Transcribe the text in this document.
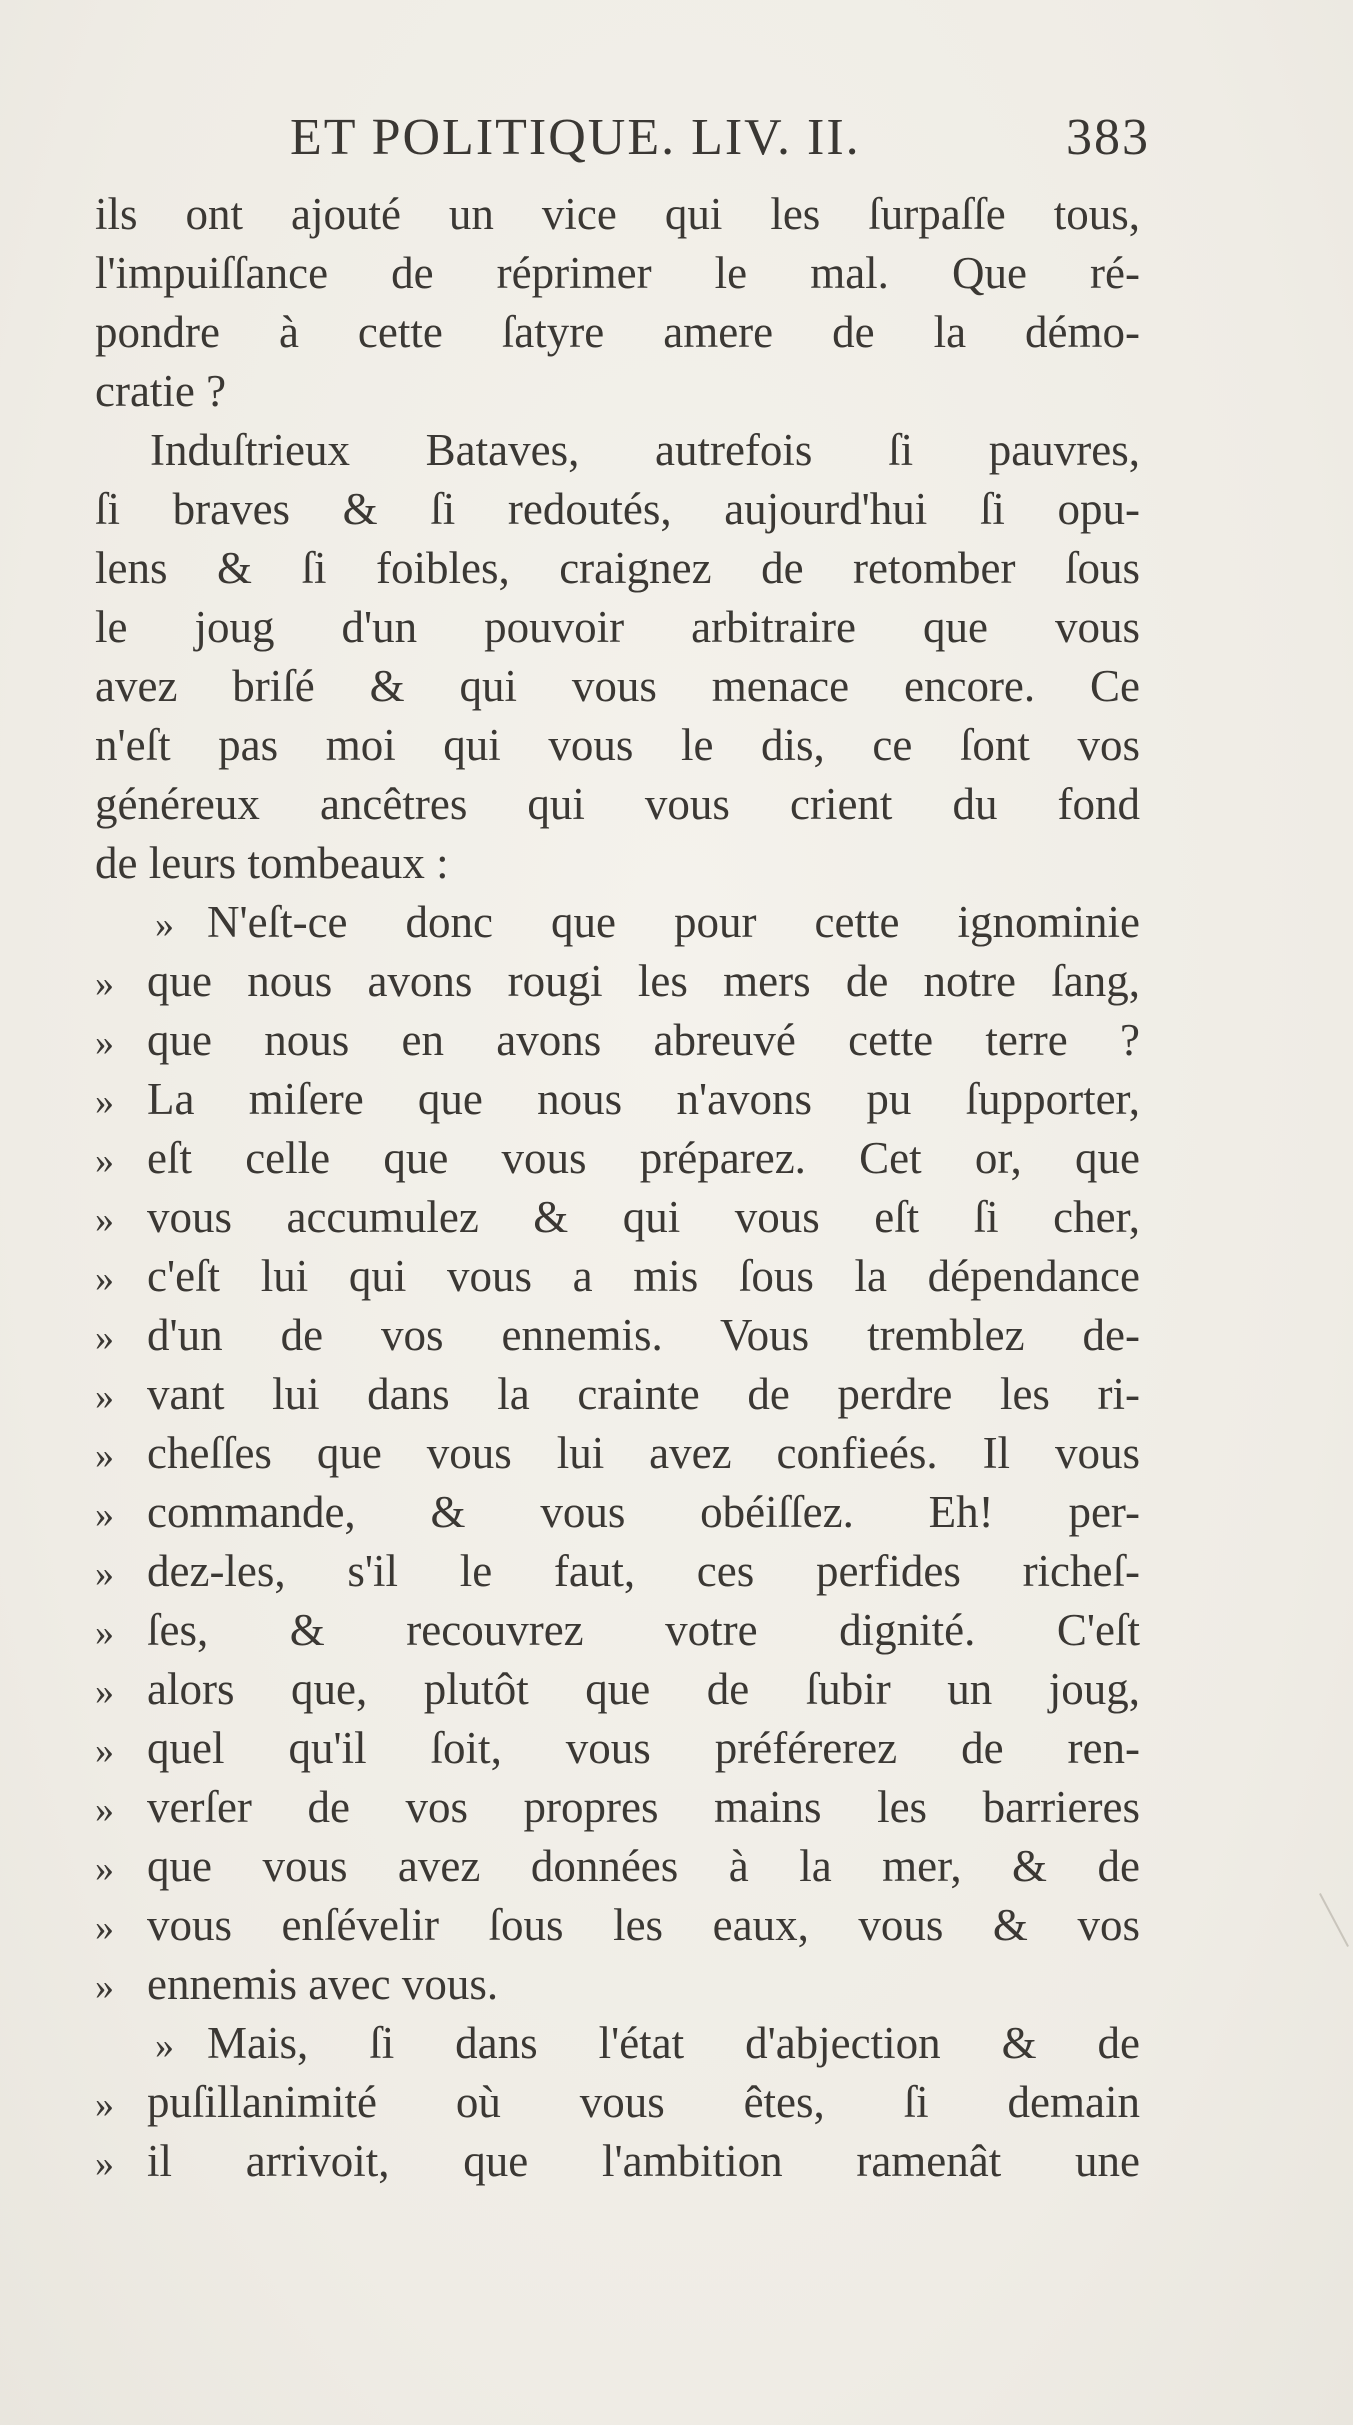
ET POLITIQUE. LIV. II.	383
ils ont ajouté un vice qui les ſurpaſſe tous,
l'impuiſſance de réprimer le mal. Que ré-
pondre à cette ſatyre amere de la démo-
cratie ?
Induſtrieux Bataves, autrefois ſi pauvres,
ſi braves & ſi redoutés, aujourd'hui ſi opu-
lens & ſi foibles, craignez de retomber ſous
le joug d'un pouvoir arbitraire que vous
avez briſé & qui vous menace encore. Ce
n'eſt pas moi qui vous le dis, ce ſont vos
généreux ancêtres qui vous crient du fond
de leurs tombeaux :
» N'eſt-ce donc que pour cette ignominie
» que nous avons rougi les mers de notre ſang,
» que nous en avons abreuvé cette terre ?
» La miſere que nous n'avons pu ſupporter,
» eſt celle que vous préparez. Cet or, que
» vous accumulez & qui vous eſt ſi cher,
» c'eſt lui qui vous a mis ſous la dépendance
» d'un de vos ennemis. Vous tremblez de-
» vant lui dans la crainte de perdre les ri-
» cheſſes que vous lui avez confieés. Il vous
» commande, & vous obéiſſez. Eh! per-
» dez-les, s'il le faut, ces perfides richeſ-
» ſes, & recouvrez votre dignité. C'eſt
» alors que, plutôt que de ſubir un joug,
» quel qu'il ſoit, vous préférerez de ren-
» verſer de vos propres mains les barrieres
» que vous avez données à la mer, & de
» vous enſévelir ſous les eaux, vous & vos
» ennemis avec vous.
» Mais, ſi dans l'état d'abjection & de
» puſillanimité où vous êtes, ſi demain
» il arrivoit, que l'ambition ramenât une
